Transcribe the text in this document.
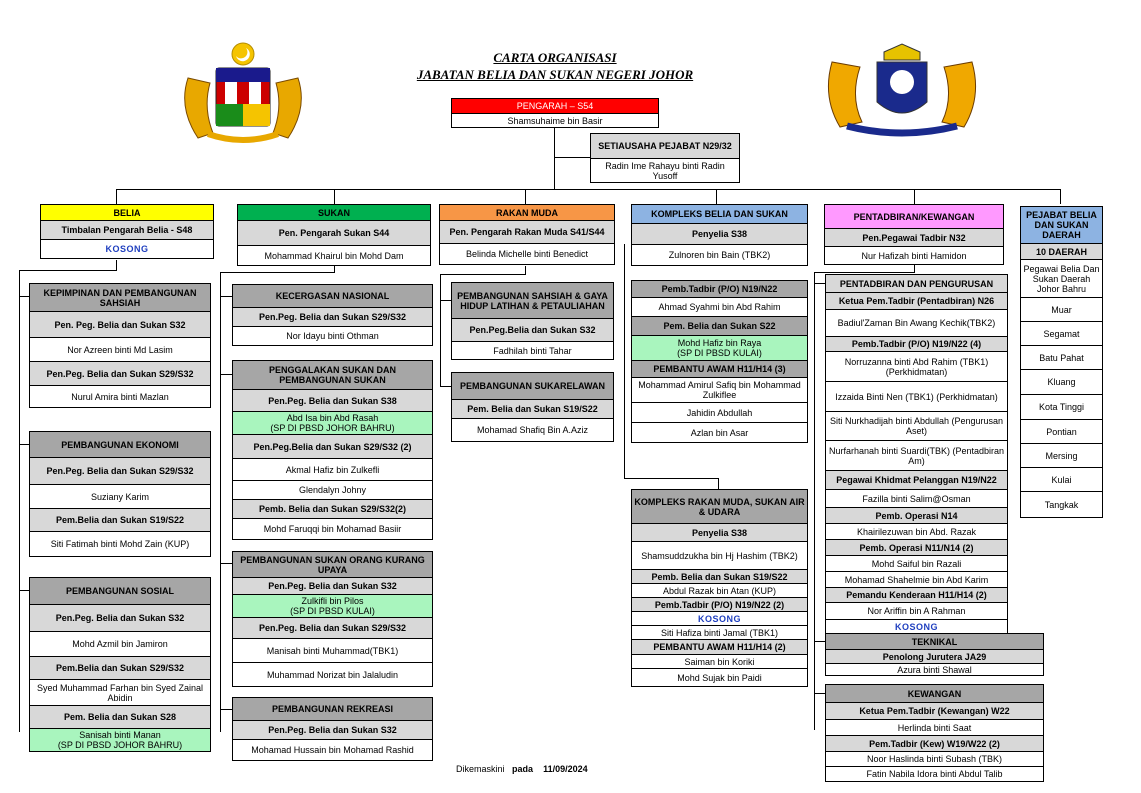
CARTA ORGANISASI
JABATAN BELIA DAN SUKAN NEGERI JOHOR
PENGARAH – S54
Shamsuhaime bin Basir
SETIAUSAHA PEJABAT N29/32
Radin Ime Rahayu binti Radin Yusoff
BELIA
Timbalan Pengarah Belia - S48
KOSONG
KEPIMPINAN DAN PEMBANGUNAN SAHSIAH
Pen. Peg. Belia dan Sukan S32
Nor Azreen binti Md Lasim
Pen.Peg. Belia dan Sukan S29/S32
Nurul Amira binti Mazlan
PEMBANGUNAN EKONOMI
Pen.Peg. Belia dan Sukan S29/S32
Suziany Karim
Pem.Belia dan Sukan S19/S22
Siti Fatimah binti Mohd Zain (KUP)
PEMBANGUNAN SOSIAL
Pen.Peg. Belia dan Sukan S32
Mohd Azmil bin Jamiron
Pem.Belia dan Sukan S29/S32
Syed Muhammad Farhan bin Syed Zainal Abidin
Pem. Belia dan Sukan S28
Sanisah binti Manan
(SP DI PBSD JOHOR BAHRU)
SUKAN
Pen. Pengarah Sukan S44
Mohammad Khairul bin Mohd Dam
KECERGASAN NASIONAL
Pen.Peg. Belia dan Sukan S29/S32
Nor Idayu binti Othman
PENGGALAKAN SUKAN DAN PEMBANGUNAN SUKAN
Pen.Peg. Belia dan Sukan S38
Abd Isa bin Abd Rasah
(SP DI PBSD JOHOR BAHRU)
Pen.Peg.Belia dan Sukan S29/S32 (2)
Akmal Hafiz bin Zulkefli
Glendalyn Johny
Pemb. Belia dan Sukan S29/S32(2)
Mohd Faruqqi bin Mohamad Basiir
PEMBANGUNAN SUKAN ORANG KURANG UPAYA
Pen.Peg. Belia dan Sukan S32
Zulkifli bin Pilos
(SP DI PBSD KULAI)
Pen.Peg. Belia dan Sukan S29/S32
Manisah binti Muhammad(TBK1)
Muhammad Norizat bin Jalaludin
PEMBANGUNAN REKREASI
Pen.Peg. Belia dan Sukan S32
Mohamad Hussain bin Mohamad Rashid
RAKAN MUDA
Pen. Pengarah Rakan Muda S41/S44
Belinda Michelle binti Benedict
PEMBANGUNAN SAHSIAH & GAYA HIDUP LATIHAN & PETAULIAHAN
Pen.Peg.Belia dan Sukan S32
Fadhilah binti Tahar
PEMBANGUNAN SUKARELAWAN
Pem. Belia dan Sukan S19/S22
Mohamad Shafiq Bin A.Aziz
KOMPLEKS BELIA DAN SUKAN
Penyelia S38
Zulnoren bin Bain (TBK2)
Pemb.Tadbir (P/O) N19/N22
Ahmad Syahmi bin Abd Rahim
Pem. Belia dan Sukan S22
Mohd Hafiz bin Raya
(SP DI PBSD KULAI)
PEMBANTU AWAM H11/H14 (3)
Mohammad Amirul Safiq bin Mohammad Zulkiflee
Jahidin Abdullah
Azlan bin Asar
KOMPLEKS RAKAN MUDA, SUKAN AIR & UDARA
Penyelia S38
Shamsuddzukha bin Hj Hashim (TBK2)
Pemb. Belia dan Sukan S19/S22
Abdul Razak bin Atan (KUP)
Pemb.Tadbir (P/O) N19/N22 (2)
KOSONG
Siti Hafiza binti Jamal (TBK1)
PEMBANTU AWAM H11/H14 (2)
Saiman bin Koriki
Mohd Sujak bin Paidi
PENTADBIRAN/KEWANGAN
Pen.Pegawai Tadbir N32
Nur Hafizah binti Hamidon
PENTADBIRAN DAN PENGURUSAN
Ketua Pem.Tadbir (Pentadbiran) N26
Badiul'Zaman Bin Awang Kechik(TBK2)
Pemb.Tadbir (P/O) N19/N22 (4)
Norruzanna binti Abd Rahim (TBK1) (Perkhidmatan)
Izzaida Binti Nen (TBK1) (Perkhidmatan)
Siti Nurkhadijah binti Abdullah (Pengurusan Aset)
Nurfarhanah binti Suardi(TBK) (Pentadbiran Am)
Pegawai Khidmat Pelanggan N19/N22
Fazilla binti Salim@Osman
Pemb. Operasi N14
Khairilezuwan bin Abd. Razak
Pemb. Operasi N11/N14 (2)
Mohd Saiful bin Razali
Mohamad Shahelmie bin Abd Karim
Pemandu Kenderaan H11/H14 (2)
Nor Ariffin bin A Rahman
KOSONG
TEKNIKAL
Penolong Jurutera JA29
Azura binti Shawal
KEWANGAN
Ketua Pem.Tadbir (Kewangan) W22
Herlinda binti Saat
Pem.Tadbir (Kew) W19/W22 (2)
Noor Haslinda binti Subash (TBK)
Fatin Nabila Idora binti Abdul Talib
PEJABAT BELIA DAN SUKAN DAERAH
10 DAERAH
Pegawai Belia Dan Sukan Daerah Johor Bahru
Muar
Segamat
Batu Pahat
Kluang
Kota Tinggi
Pontian
Mersing
Kulai
Tangkak
Dikemaskini pada 11/09/2024
